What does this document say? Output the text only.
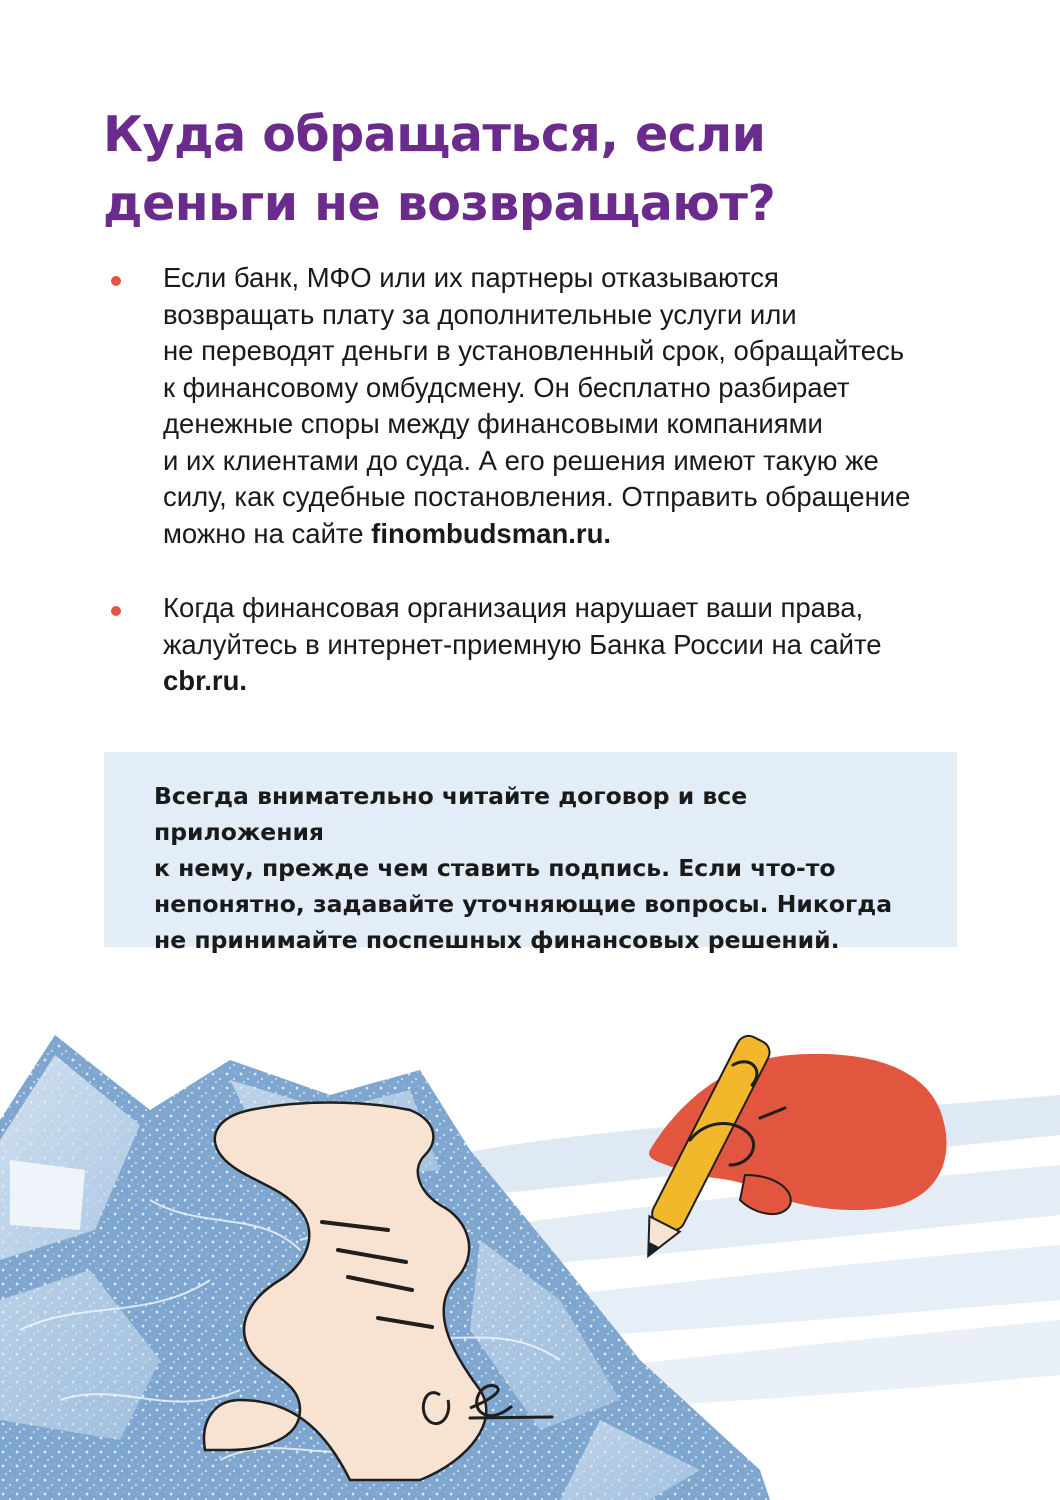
Куда обращаться, если
деньги не возвращают?
Если банк, МФО или их партнеры отказываются
возвращать плату за дополнительные услуги или
не переводят деньги в установленный срок, обращайтесь
к финансовому омбудсмену. Он бесплатно разбирает
денежные споры между финансовыми компаниями
и их клиентами до суда. А его решения имеют такую же
силу, как судебные постановления. Отправить обращение
можно на сайте finombudsman.ru.
Когда финансовая организация нарушает ваши права,
жалуйтесь в интернет-приемную Банка России на сайте
cbr.ru.
Всегда внимательно читайте договор и все приложения
к нему, прежде чем ставить подпись. Если что-то
непонятно, задавайте уточняющие вопросы. Никогда
не принимайте поспешных финансовых решений.
